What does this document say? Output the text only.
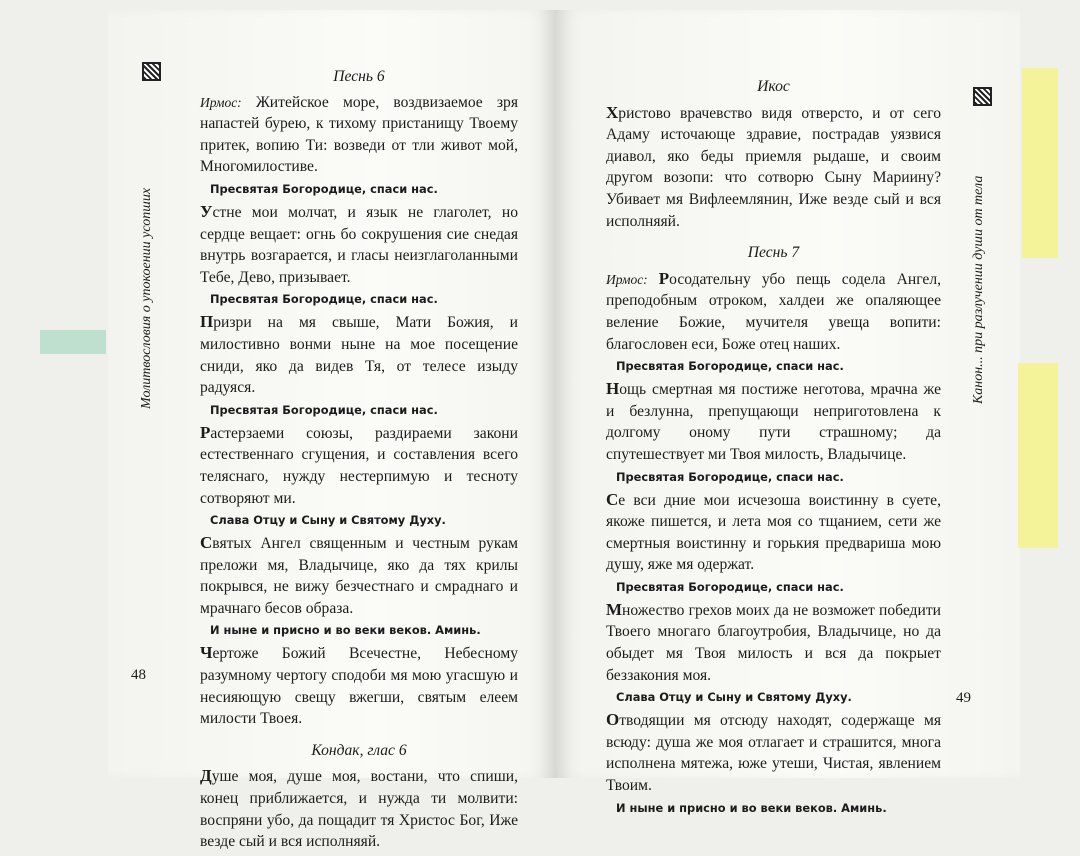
Молитвословия о упокоении усопших	Канон... при разлучении души от тела
48
49
Песнь 6

Ирмос: Житейское море, воздвизаемое зря напастей бурею, к тихому пристанищу Твоему притек, вопию Ти: возведи от тли живот мой, Многомилостиве.

Пресвятая Богородице, спаси нас.

Устне мои молчат, и язык не глаголет, но сердце вещает: огнь бо сокрушения сие снедая внутрь возгарается, и гласы неизглаголанными Тебе, Дево, призывает.

Пресвятая Богородице, спаси нас.

Призри на мя свыше, Мати Божия, и милостивно вонми ныне на мое посещение сниди, яко да видев Тя, от телесе изыду радуяся.

Пресвятая Богородице, спаси нас.

Растерзаеми союзы, раздираеми закони естественнаго сгущения, и составления всего теляснаго, нужду нестерпимую и тесноту сотворяют ми.

Слава Отцу и Сыну и Святому Духу.

Святых Ангел священным и честным рукам преложи мя, Владычице, яко да тях крилы покрывся, не вижу безчестнаго и смраднаго и мрачнаго бесов образа.

И ныне и присно и во веки веков. Аминь.

Чертоже Божий Всечестне, Небесному разумному чертогу сподоби мя мою угасшую и несияющую свещу вжегши, святым елеем милости Твоея.

Кондак, глас 6

Душе моя, душе моя, востани, что спиши, конец приближается, и нужда ти молвити: воспряни убо, да пощадит тя Христос Бог, Иже везде сый и вся исполняяй.

Икос

Христово врачевство видя отверсто, и от сего Адаму источающе здравие, пострадав уязвися диавол, яко беды приемля рыдаше, и своим другом возопи: что сотворю Сыну Мариину? Убивает мя Вифлеемлянин, Иже везде сый и вся исполняяй.

Песнь 7

Ирмос: Росодательну убо пещь соделa Ангел, преподобным отроком, халдеи же опаляющее веление Божие, мучителя увеща вопити: благословен еси, Боже отец наших.

Пресвятая Богородице, спаси нас.

Нощь смертная мя постиже неготова, мрачна же и безлунна, препущающи неприготовлена к долгому оному пути страшному; да спутешествует ми Твоя милость, Владычице.

Пресвятая Богородице, спаси нас.

Се вси дние мои исчезоша воистинну в суете, якоже пишется, и лета моя со тщанием, сети же смертныя воистинну и горькия предвариша мою душу, яже мя одержат.

Пресвятая Богородице, спаси нас.

Множество грехов моих да не возможет победити Твоего многаго благоутробия, Владычице, но да обыдет мя Твоя милость и вся да покрыет беззакония моя.

Слава Отцу и Сыну и Святому Духу.

Отводящии мя отсюду находят, содержаще мя всюду: душа же моя отлагает и страшится, многа исполнена мятежа, юже утеши, Чистая, явлением Твоим.

И ныне и присно и во веки веков. Аминь.
